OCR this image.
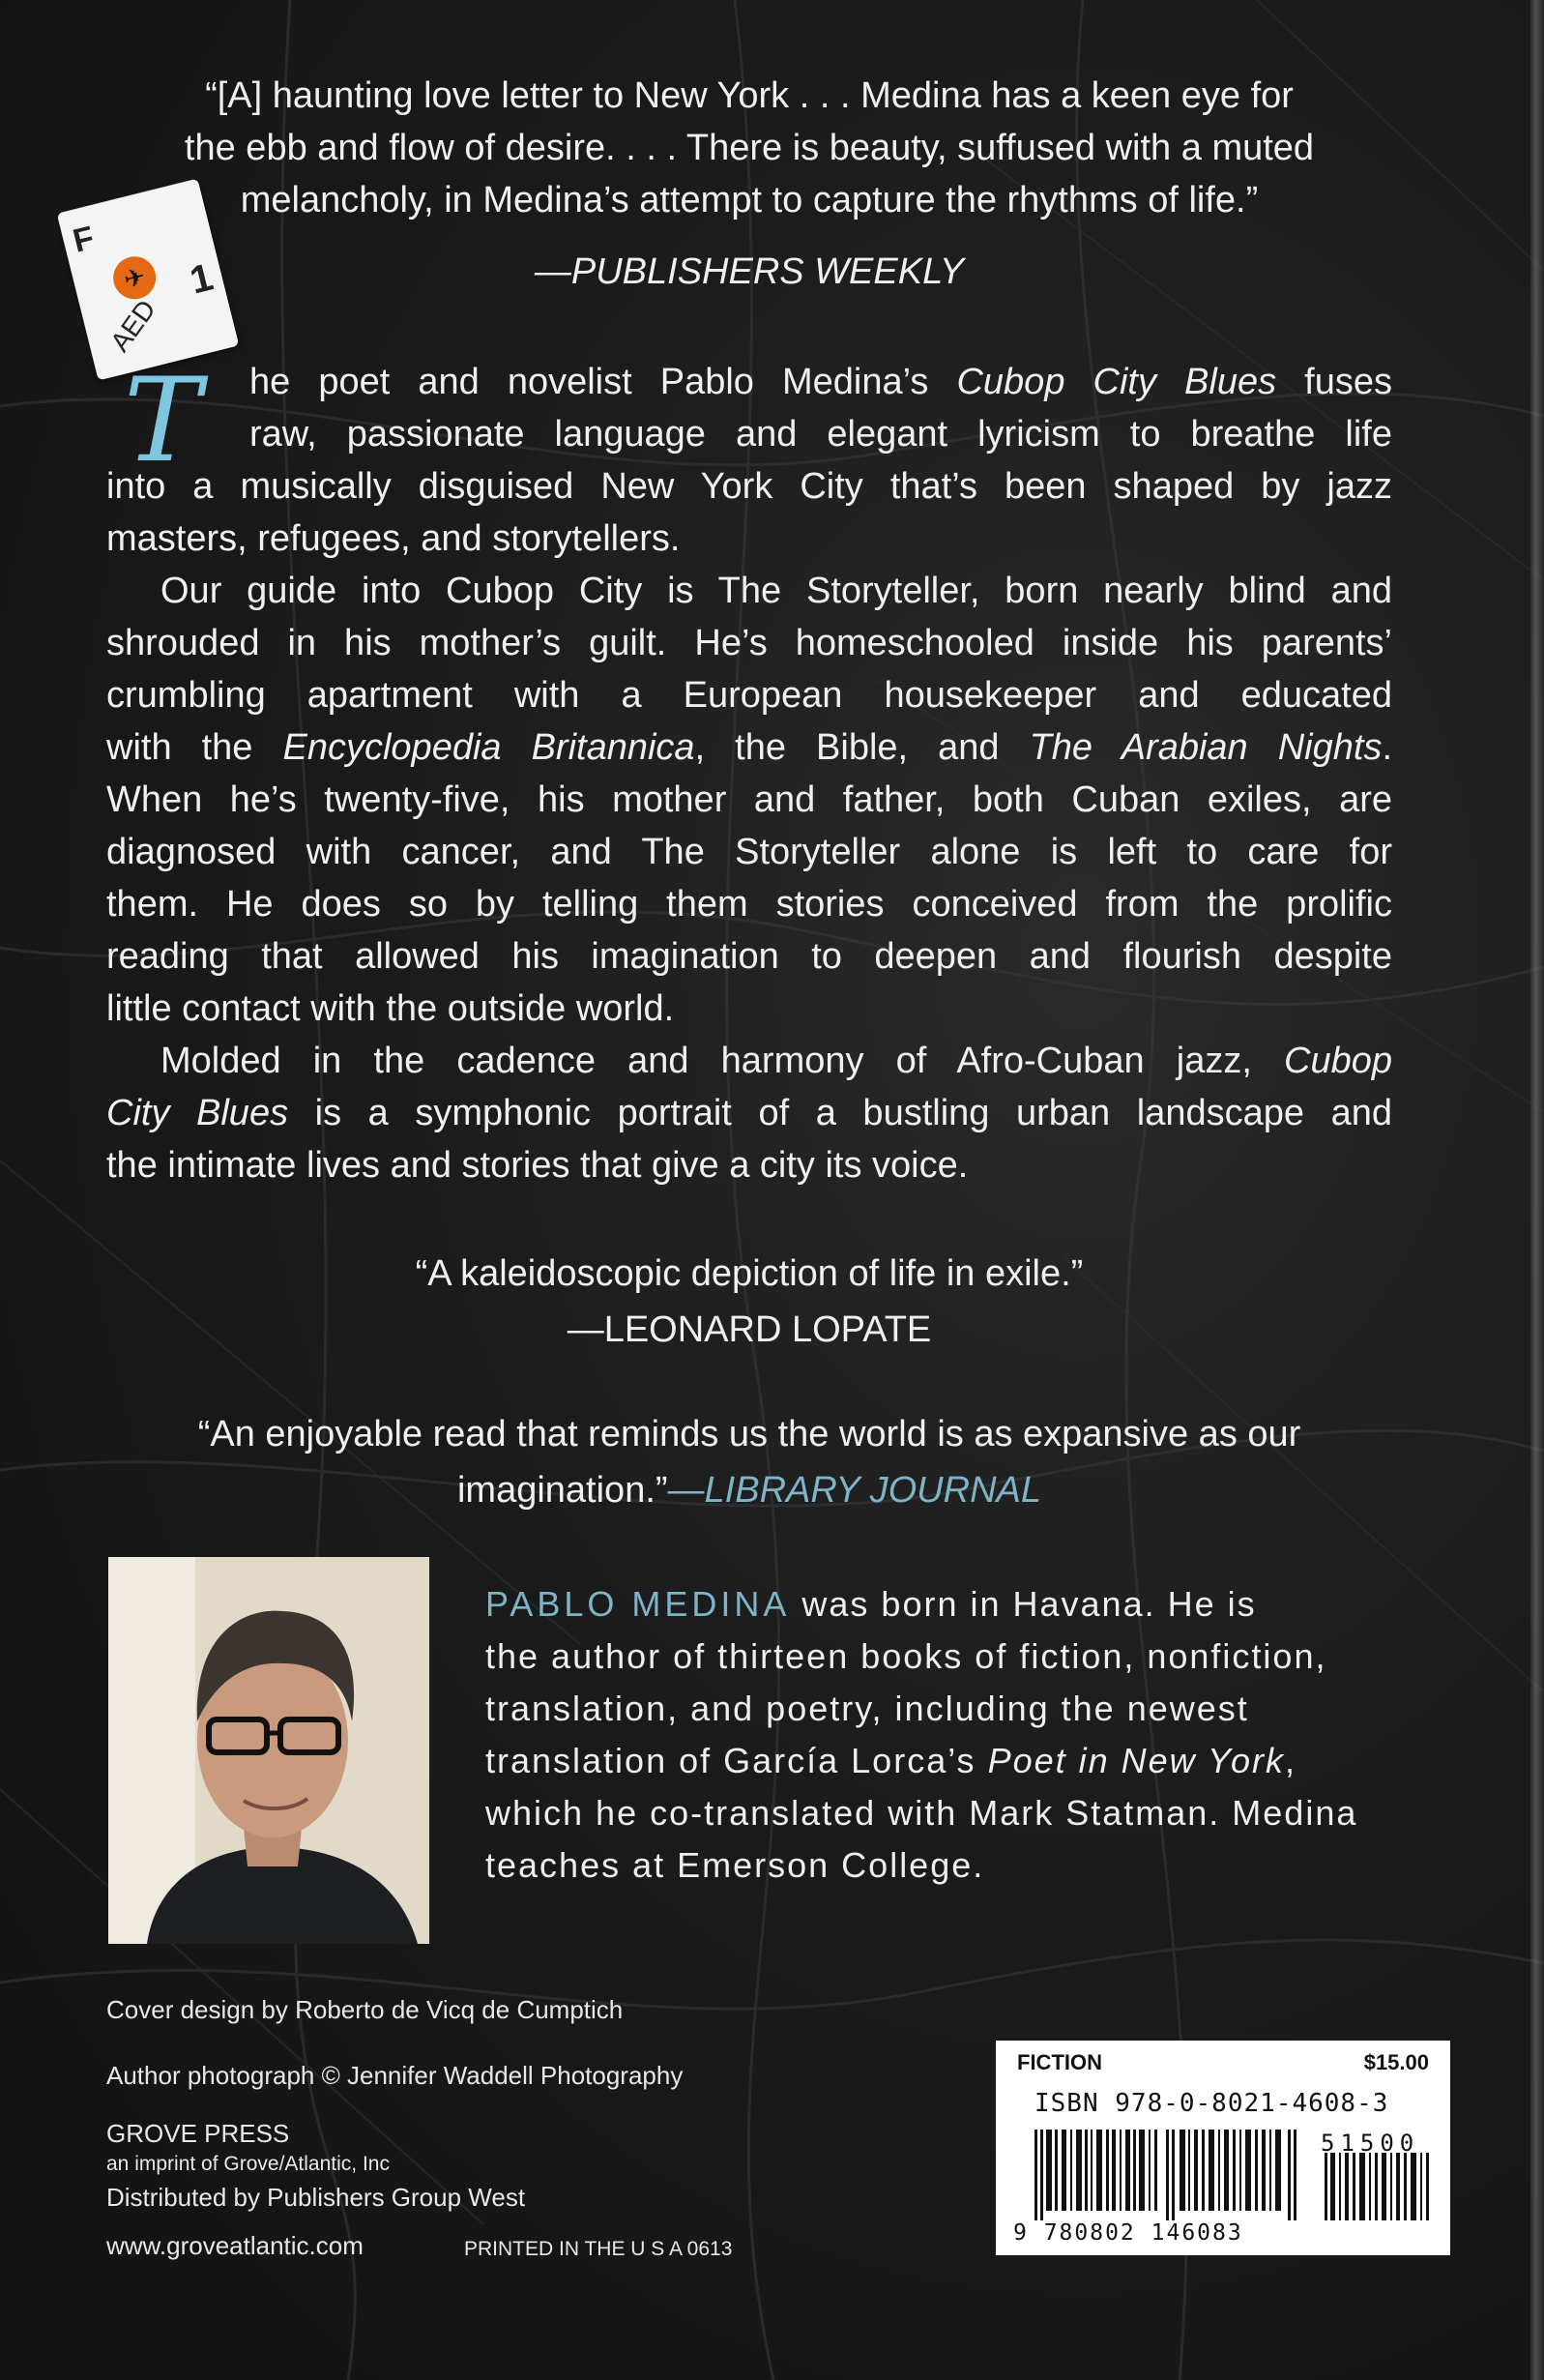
“[A] haunting love letter to New York . . . Medina has a keen eye for
the ebb and flow of desire. . . . There is beauty, suffused with a muted
melancholy, in Medina’s attempt to capture the rhythms of life.”
—PUBLISHERS WEEKLY
F
✈
AED
1
T	he poet and novelist Pablo Medina’s Cubop City Blues fuses
raw, passionate language and elegant lyricism to breathe life
into a musically disguised New York City that’s been shaped by jazz
masters, refugees, and storytellers.
Our guide into Cubop City is The Storyteller, born nearly blind and
shrouded in his mother’s guilt. He’s homeschooled inside his parents’
crumbling apartment with a European housekeeper and educated
with the Encyclopedia Britannica, the Bible, and The Arabian Nights.
When he’s twenty-five, his mother and father, both Cuban exiles, are
diagnosed with cancer, and The Storyteller alone is left to care for
them. He does so by telling them stories conceived from the prolific
reading that allowed his imagination to deepen and flourish despite
little contact with the outside world.
Molded in the cadence and harmony of Afro-Cuban jazz, Cubop
City Blues is a symphonic portrait of a bustling urban landscape and
the intimate lives and stories that give a city its voice.
“A kaleidoscopic depiction of life in exile.”
—LEONARD LOPATE
“An enjoyable read that reminds us the world is as expansive as our
imagination.”—LIBRARY JOURNAL
PABLO MEDINA was born in Havana. He is
the author of thirteen books of fiction, nonfiction,
translation, and poetry, including the newest
translation of García Lorca’s Poet in New York,
which he co-translated with Mark Statman. Medina
teaches at Emerson College.
Cover design by Roberto de Vicq de Cumptich
Author photograph © Jennifer Waddell Photography
GROVE PRESS
an imprint of Grove/Atlantic, Inc
Distributed by Publishers Group West
www.groveatlantic.com	PRINTED IN THE U S A 0613
FICTION	$15.00
ISBN 978-0-8021-4608-3
9 780802 146083
51500
